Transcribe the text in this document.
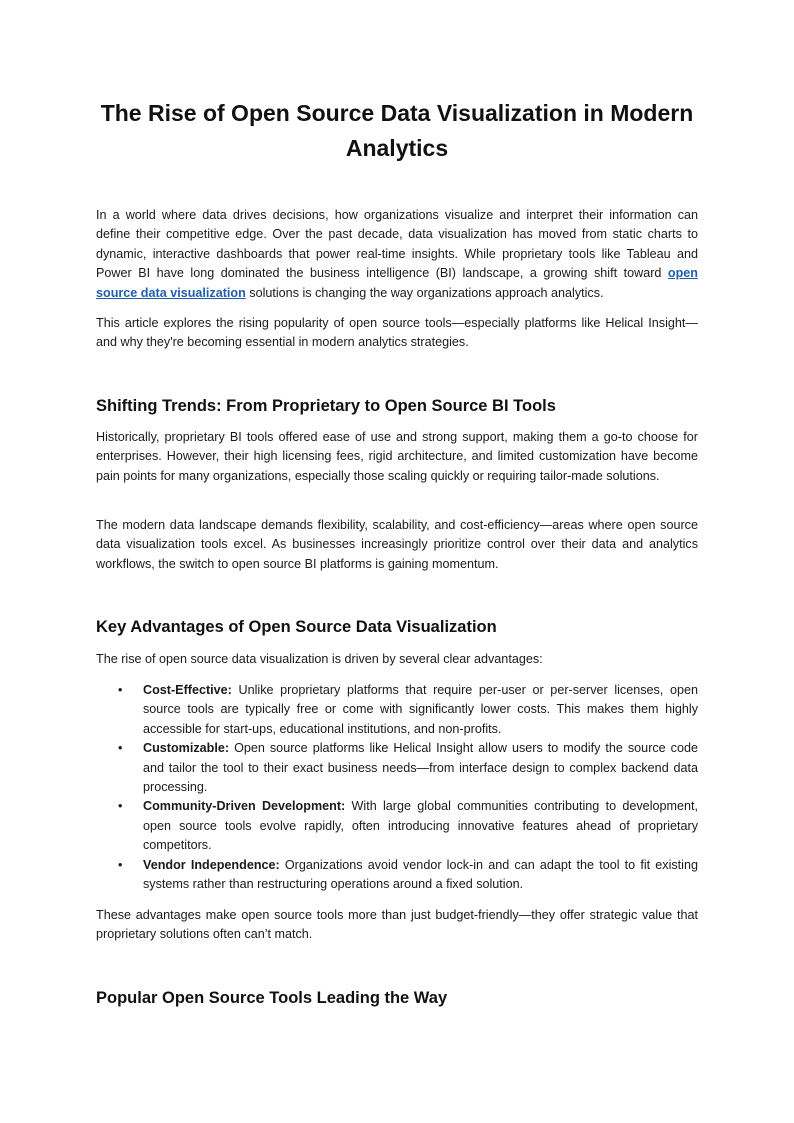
The Rise of Open Source Data Visualization in Modern Analytics

In a world where data drives decisions, how organizations visualize and interpret their information can define their competitive edge. Over the past decade, data visualization has moved from static charts to dynamic, interactive dashboards that power real-time insights. While proprietary tools like Tableau and Power BI have long dominated the business intelligence (BI) landscape, a growing shift toward open source data visualization solutions is changing the way organizations approach analytics.

This article explores the rising popularity of open source tools—especially platforms like Helical Insight—and why they're becoming essential in modern analytics strategies.

Shifting Trends: From Proprietary to Open Source BI Tools

Historically, proprietary BI tools offered ease of use and strong support, making them a go-to choose for enterprises. However, their high licensing fees, rigid architecture, and limited customization have become pain points for many organizations, especially those scaling quickly or requiring tailor-made solutions.

The modern data landscape demands flexibility, scalability, and cost-efficiency—areas where open source data visualization tools excel. As businesses increasingly prioritize control over their data and analytics workflows, the switch to open source BI platforms is gaining momentum.

Key Advantages of Open Source Data Visualization

The rise of open source data visualization is driven by several clear advantages:

• Cost-Effective: Unlike proprietary platforms that require per-user or per-server licenses, open source tools are typically free or come with significantly lower costs. This makes them highly accessible for start-ups, educational institutions, and non-profits.
• Customizable: Open source platforms like Helical Insight allow users to modify the source code and tailor the tool to their exact business needs—from interface design to complex backend data processing.
• Community-Driven Development: With large global communities contributing to development, open source tools evolve rapidly, often introducing innovative features ahead of proprietary competitors.
• Vendor Independence: Organizations avoid vendor lock-in and can adapt the tool to fit existing systems rather than restructuring operations around a fixed solution.

These advantages make open source tools more than just budget-friendly—they offer strategic value that proprietary solutions often can’t match.

Popular Open Source Tools Leading the Way
